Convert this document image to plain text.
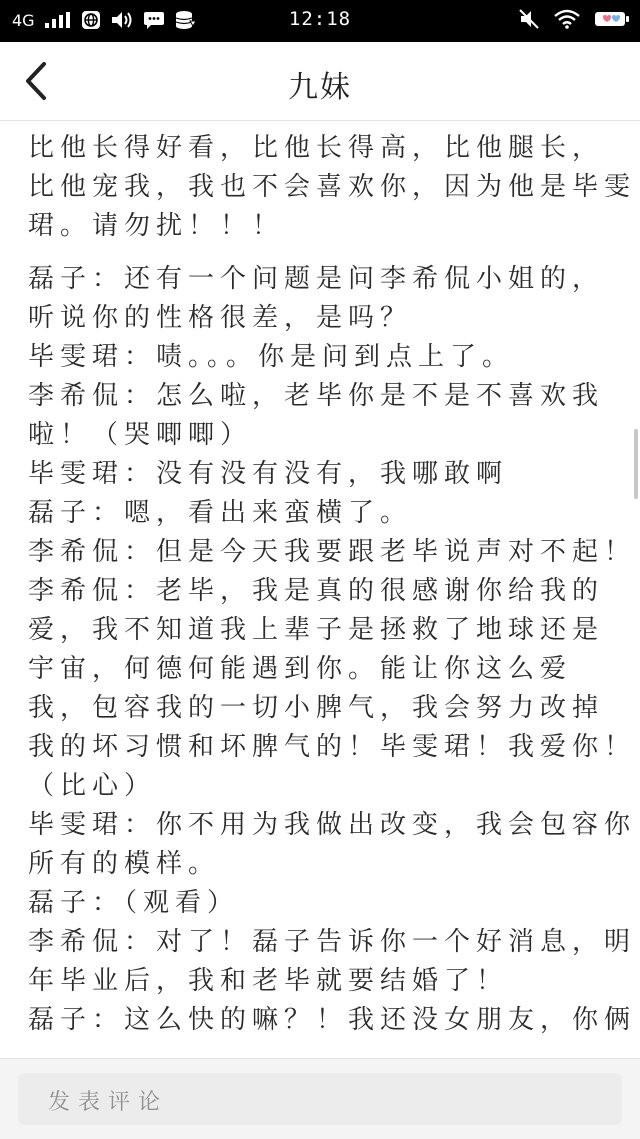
4G	12:18
九妹
比他长得好看，比他长得高，比他腿长，
比他宠我，我也不会喜欢你，因为他是毕雯
珺。请勿扰！！！
磊子：还有一个问题是问李希侃小姐的，
听说你的性格很差，是吗？
毕雯珺：啧。。。你是问到点上了。
李希侃：怎么啦，老毕你是不是不喜欢我
啦！（哭唧唧）
毕雯珺：没有没有没有，我哪敢啊
磊子：嗯，看出来蛮横了。
李希侃：但是今天我要跟老毕说声对不起！
李希侃：老毕，我是真的很感谢你给我的
爱，我不知道我上辈子是拯救了地球还是
宇宙，何德何能遇到你。能让你这么爱
我，包容我的一切小脾气，我会努力改掉
我的坏习惯和坏脾气的！毕雯珺！我爱你！
（比心）
毕雯珺：你不用为我做出改变，我会包容你
所有的模样。
磊子：（观看）
李希侃：对了！磊子告诉你一个好消息，明
年毕业后，我和老毕就要结婚了！
磊子：这么快的嘛？！我还没女朋友，你俩
发表评论
